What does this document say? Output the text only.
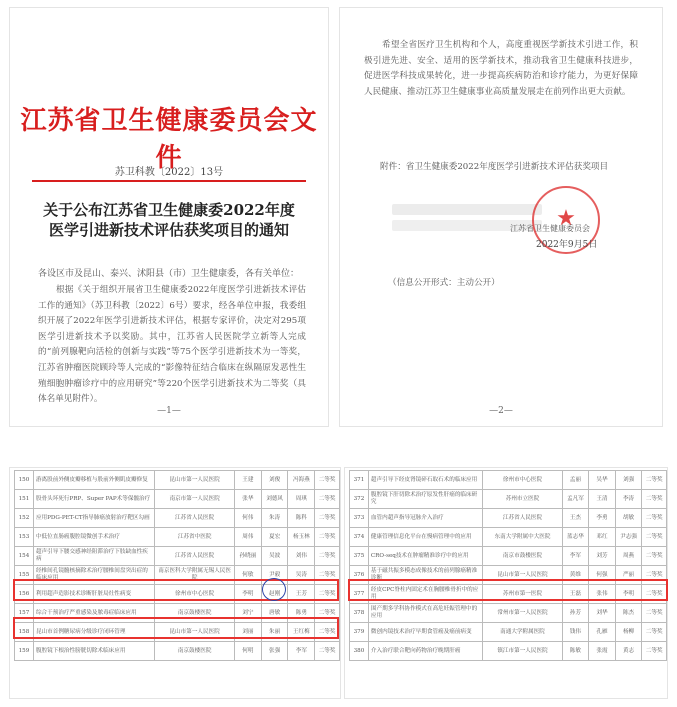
江苏省卫生健康委员会文件
苏卫科教〔2022〕13号
关于公布江苏省卫生健康委2022年度
医学引进新技术评估获奖项目的通知
各设区市及昆山、泰兴、沭阳县（市）卫生健康委，各有关单位：
根据《关于组织开展省卫生健康委2022年度医学引进新技术评估工作的通知》（苏卫科教〔2022〕6号）要求，经各单位申报，我委组织开展了2022年医学引进新技术评估，根据专家评价，决定对295项医学引进新技术予以奖励。其中，江苏省人民医院学立新等人完成的“前列腺靶向活检的创新与实践”等75个医学引进新技术为一等奖，江苏省肿瘤医院顾玲等人完成的“影像特征结合临床在纵隔原发恶性生殖细胞肿瘤诊疗中的应用研究”等220个医学引进新技术为二等奖（具体名单见附件）。
—1—
希望全省医疗卫生机构和个人，高度重视医学新技术引进工作，积极引进先进、安全、适用的医学新技术，推动我省卫生健康科技进步，促进医学科技成果转化，进一步提高疾病防治和诊疗能力，为更好保障人民健康、推动江苏卫生健康事业高质量发展走在前列作出更大贡献。
附件：省卫生健康委2022年度医学引进新技术评估获奖项目
江苏省卫生健康委员会
★
2022年9月5日
（信息公开形式：主动公开）
—2—
150	游离股前外侧皮瓣移植与股前外侧肌皮瓣修复	昆山市第一人民医院	王建	刘俊	冯海燕	二等奖
151	股骨头坏死行PRP、Super PAP术等保髋治疗	南京市第一人民医院	张华	刘德风	周琪	二等奖
152	应用PDG-PET-CT指导肺癌放射治疗靶区勾画	江苏省人民医院	何伟	朱涛	陈科	二等奖
153	中低位直肠癌腹腔镜微创手术治疗	江苏省中医院	周伟	夏宏	杨玉林	二等奖
154	超声引导下腰交感神经阻滞治疗下肢缺血性疾病	江苏省人民医院	孙晓丽	吴波	刘伟	二等奖
155	经椎间孔镜髓核摘除术治疗腰椎间盘突出症的临床应用	南京医科大学附属无锡人民医院	何敏	尹毅	吴涛	二等奖
156	利用超声造影技术诊断肝脏局灶性病变	徐州市中心医院	李明	赵刚	王芳	二等奖
157	综合干预治疗严重感染及脓毒症临床应用	南京鼓楼医院	刘宁	唐敏	陈勇	二等奖
158	昆山市首例糖尿病分级诊疗闭环管理	昆山市第一人民医院	刘丽	朱丽	王红梅	二等奖
159	腹腔镜下根治性膀胱切除术临床应用	南京鼓楼医院	何明	张强	李军	二等奖
371	超声引导下经皮肾镜碎石取石术的临床应用	徐州市中心医院	孟丽	吴华	刘强	二等奖
372	腹腔镜下肝切除术治疗原发性肝癌的临床研究	苏州市立医院	孟凡军	王清	李涛	二等奖
373	血管内超声指导冠脉介入治疗	江苏省人民医院	王杰	李勇	胡敏	二等奖
374	健康管理信息化平台在慢病管理中的应用	东南大学附属中大医院	蓝志华	邓红	尹志强	二等奖
375	CRO-seq技术在肿瘤精准诊疗中的应用	南京市鼓楼医院	李军	刘芳	周燕	二等奖
376	基于磁共振多模态成像技术的前列腺癌精准诊断	昆山市第一人民医院	黄维	何强	严丽	二等奖
377	经皮CPC脊柱内固定术在胸腰椎骨折中的应用	苏州市第一医院	王磊	张伟	李明	二等奖
378	围产期多学科协作模式在高危妊娠管理中的应用	常州市第一人民医院	孙芳	刘华	陈杰	二等奖
379	微创内镜技术治疗早期食管癌及癌前病变	南通大学附属医院	钱伟	孔雁	杨柳	二等奖
380	介入治疗联合靶向药物治疗晚期肝癌	镇江市第一人民医院	陈敏	张霞	黄志	二等奖
